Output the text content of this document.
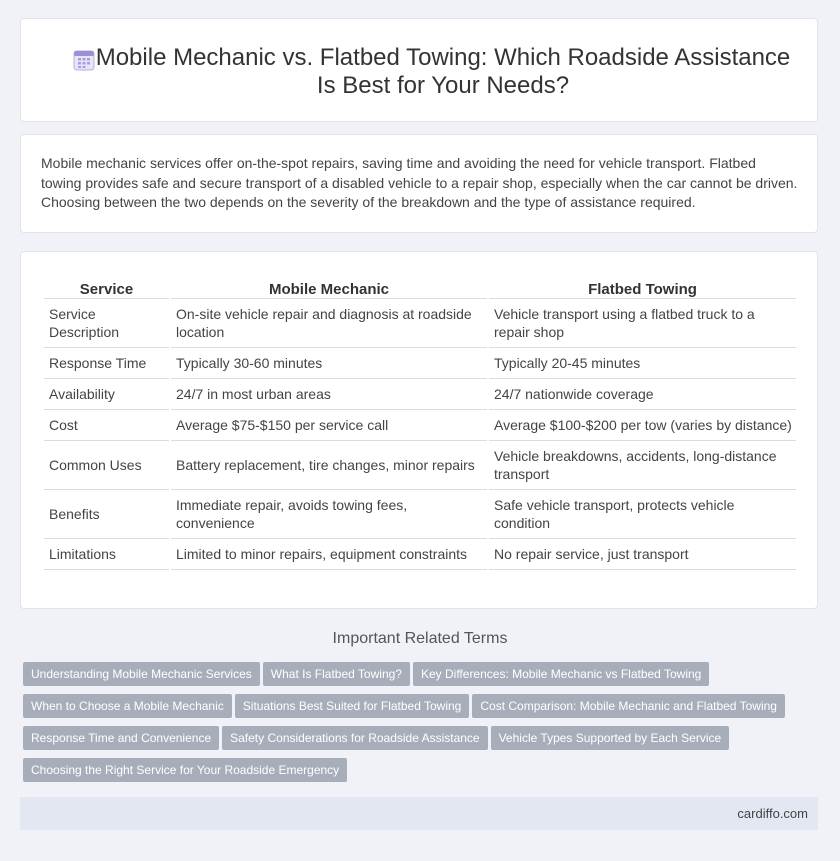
Mobile Mechanic vs. Flatbed Towing: Which Roadside Assistance Is Best for Your Needs?

Mobile mechanic services offer on-the-spot repairs, saving time and avoiding the need for vehicle transport. Flatbed towing provides safe and secure transport of a disabled vehicle to a repair shop, especially when the car cannot be driven. Choosing between the two depends on the severity of the breakdown and the type of assistance required.

Service	Mobile Mechanic	Flatbed Towing
Service Description	On-site vehicle repair and diagnosis at roadside location	Vehicle transport using a flatbed truck to a repair shop
Response Time	Typically 30-60 minutes	Typically 20-45 minutes
Availability	24/7 in most urban areas	24/7 nationwide coverage
Cost	Average $75-$150 per service call	Average $100-$200 per tow (varies by distance)
Common Uses	Battery replacement, tire changes, minor repairs	Vehicle breakdowns, accidents, long-distance transport
Benefits	Immediate repair, avoids towing fees, convenience	Safe vehicle transport, protects vehicle condition
Limitations	Limited to minor repairs, equipment constraints	No repair service, just transport
Important Related Terms
Understanding Mobile Mechanic Services What Is Flatbed Towing? Key Differences: Mobile Mechanic vs Flatbed Towing
When to Choose a Mobile Mechanic Situations Best Suited for Flatbed Towing Cost Comparison: Mobile Mechanic and Flatbed Towing
Response Time and Convenience Safety Considerations for Roadside Assistance Vehicle Types Supported by Each Service
Choosing the Right Service for Your Roadside Emergency
cardiffo.com
